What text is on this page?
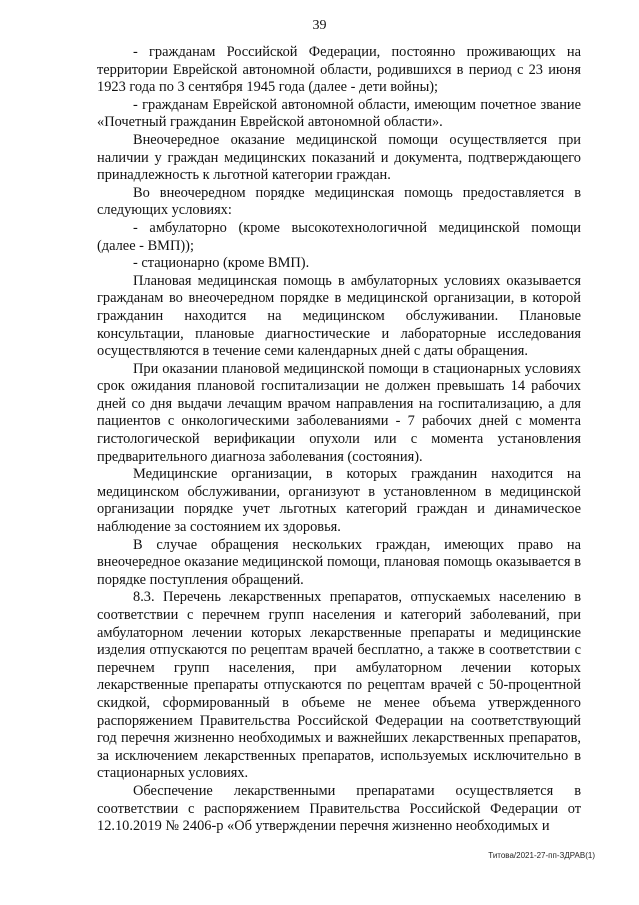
39

- гражданам Российской Федерации, постоянно проживающих на территории Еврейской автономной области, родившихся в период с 23 июня 1923 года по 3 сентября 1945 года (далее - дети войны);

- гражданам Еврейской автономной области, имеющим почетное звание «Почетный гражданин Еврейской автономной области».

Внеочередное оказание медицинской помощи осуществляется при наличии у граждан медицинских показаний и документа, подтверждающего принадлежность к льготной категории граждан.

Во внеочередном порядке медицинская помощь предоставляется в следующих условиях:

- амбулаторно (кроме высокотехнологичной медицинской помощи (далее - ВМП));

- стационарно (кроме ВМП).

Плановая медицинская помощь в амбулаторных условиях оказывается гражданам во внеочередном порядке в медицинской организации, в которой гражданин находится на медицинском обслуживании. Плановые консультации, плановые диагностические и лабораторные исследования осуществляются в течение семи календарных дней с даты обращения.

При оказании плановой медицинской помощи в стационарных условиях срок ожидания плановой госпитализации не должен превышать 14 рабочих дней со дня выдачи лечащим врачом направления на госпитализацию, а для пациентов с онкологическими заболеваниями - 7 рабочих дней с момента гистологической верификации опухоли или с момента установления предварительного диагноза заболевания (состояния).

Медицинские организации, в которых гражданин находится на медицинском обслуживании, организуют в установленном в медицинской организации порядке учет льготных категорий граждан и динамическое наблюдение за состоянием их здоровья.

В случае обращения нескольких граждан, имеющих право на внеочередное оказание медицинской помощи, плановая помощь оказывается в порядке поступления обращений.

8.3. Перечень лекарственных препаратов, отпускаемых населению в соответствии с перечнем групп населения и категорий заболеваний, при амбулаторном лечении которых лекарственные препараты и медицинские изделия отпускаются по рецептам врачей бесплатно, а также в соответствии с перечнем групп населения, при амбулаторном лечении которых лекарственные препараты отпускаются по рецептам врачей с 50-процентной скидкой, сформированный в объеме не менее объема утвержденного распоряжением Правительства Российской Федерации на соответствующий год перечня жизненно необходимых и важнейших лекарственных препаратов, за исключением лекарственных препаратов, используемых исключительно в стационарных условиях.

Обеспечение лекарственными препаратами осуществляется в соответствии с распоряжением Правительства Российской Федерации от 12.10.2019 № 2406-р «Об утверждении перечня жизненно необходимых и

Титова/2021-27-пп-ЗДРАВ(1)
